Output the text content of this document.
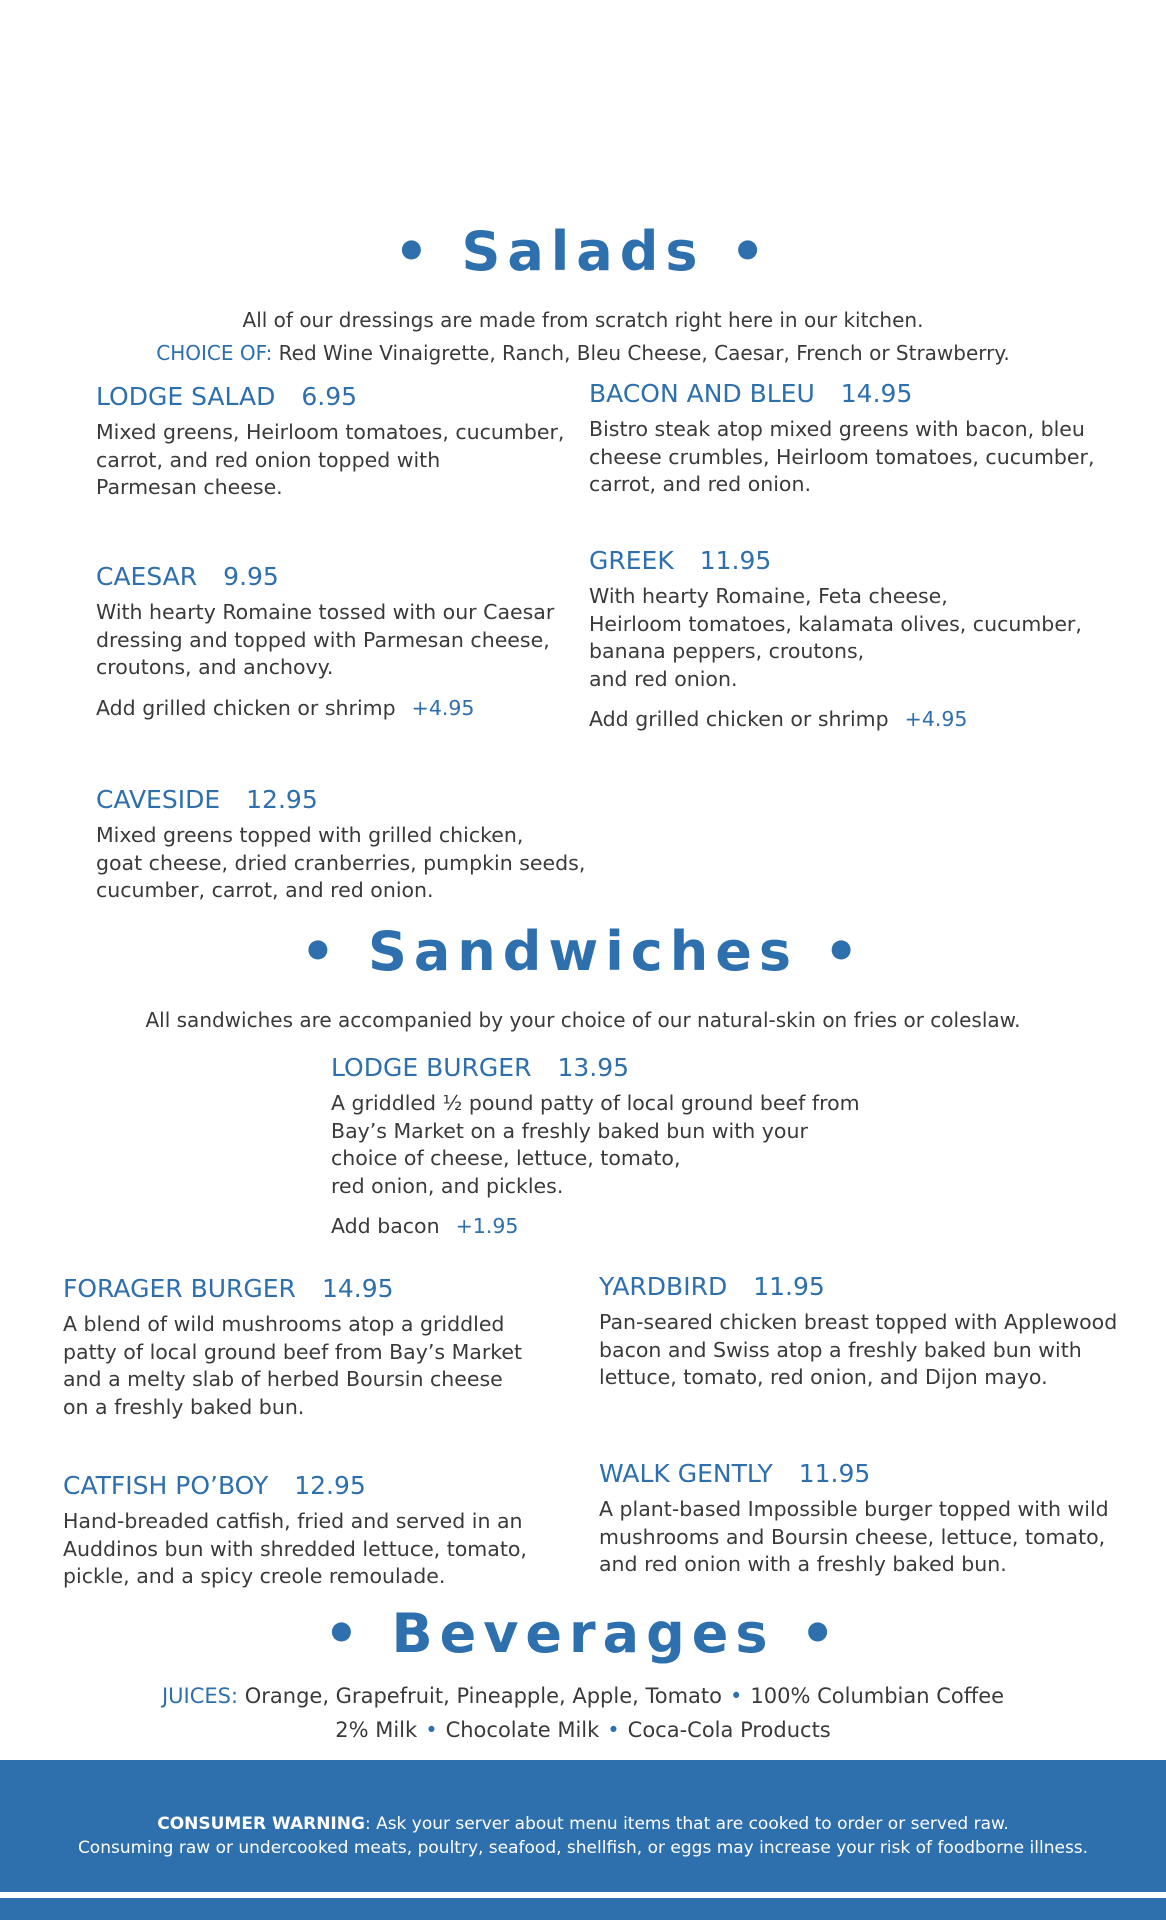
• Salads •
All of our dressings are made from scratch right here in our kitchen.
CHOICE OF: Red Wine Vinaigrette, Ranch, Bleu Cheese, Caesar, French or Strawberry.
LODGE SALAD 6.95
Mixed greens, Heirloom tomatoes, cucumber,
carrot, and red onion topped with
Parmesan cheese.
BACON AND BLEU 14.95
Bistro steak atop mixed greens with bacon, bleu
cheese crumbles, Heirloom tomatoes, cucumber,
carrot, and red onion.
CAESAR 9.95
With hearty Romaine tossed with our Caesar
dressing and topped with Parmesan cheese,
croutons, and anchovy.
Add grilled chicken or shrimp +4.95
GREEK 11.95
With hearty Romaine, Feta cheese,
Heirloom tomatoes, kalamata olives, cucumber,
banana peppers, croutons,
and red onion.
Add grilled chicken or shrimp +4.95
CAVESIDE 12.95
Mixed greens topped with grilled chicken,
goat cheese, dried cranberries, pumpkin seeds,
cucumber, carrot, and red onion.
• Sandwiches •
All sandwiches are accompanied by your choice of our natural-skin on fries or coleslaw.
LODGE BURGER 13.95
A griddled ½ pound patty of local ground beef from
Bay’s Market on a freshly baked bun with your
choice of cheese, lettuce, tomato,
red onion, and pickles.
Add bacon +1.95
FORAGER BURGER 14.95
A blend of wild mushrooms atop a griddled
patty of local ground beef from Bay’s Market
and a melty slab of herbed Boursin cheese
on a freshly baked bun.
YARDBIRD 11.95
Pan-seared chicken breast topped with Applewood
bacon and Swiss atop a freshly baked bun with
lettuce, tomato, red onion, and Dijon mayo.
CATFISH PO’BOY 12.95
Hand-breaded catfish, fried and served in an
Auddinos bun with shredded lettuce, tomato,
pickle, and a spicy creole remoulade.
WALK GENTLY 11.95
A plant-based Impossible burger topped with wild
mushrooms and Boursin cheese, lettuce, tomato,
and red onion with a freshly baked bun.
• Beverages •
JUICES: Orange, Grapefruit, Pineapple, Apple, Tomato • 100% Columbian Coffee
2% Milk • Chocolate Milk • Coca-Cola Products
CONSUMER WARNING: Ask your server about menu items that are cooked to order or served raw.
Consuming raw or undercooked meats, poultry, seafood, shellfish, or eggs may increase your risk of foodborne illness.
